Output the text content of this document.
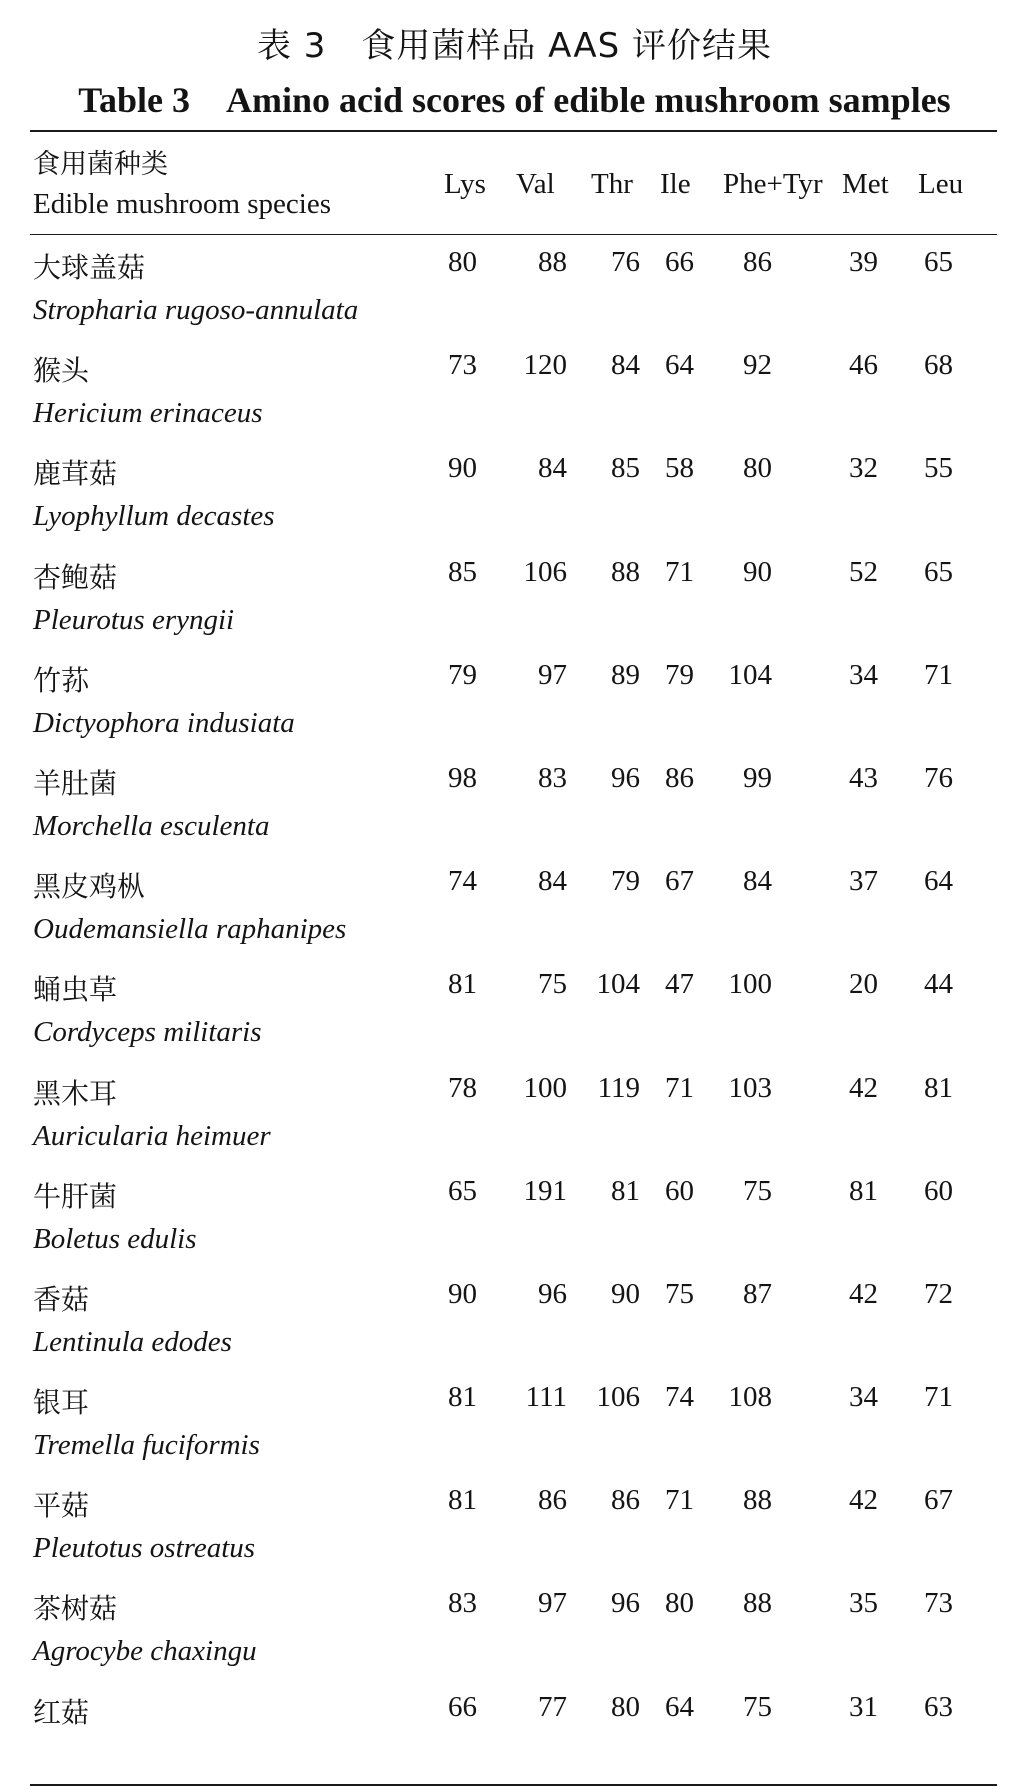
表 3　食用菌样品 AAS 评价结果
Table 3　Amino acid scores of edible mushroom samples
食用菌种类
Edible mushroom species
Lys Val Thr Ile Phe+Tyr Met Leu
大球盖菇
Stropharia rugoso-annulata
80	88	76 66	86	39	65
猴头
Hericium erinaceus
73	120	84 64	92	46	68
鹿茸菇
Lyophyllum decastes
90	84	85 58	80	32	55
杏鲍菇
Pleurotus eryngii
85	106	88 71	90	52	65
竹荪
Dictyophora indusiata
79	97	89 79	104	34	71
羊肚菌
Morchella esculenta
98	83	96 86	99	43	76
黑皮鸡枞
Oudemansiella raphanipes
74	84	79 67	84	37	64
蛹虫草
Cordyceps militaris
81	75	104 47	100	20	44
黑木耳
Auricularia heimuer
78	100	119 71	103	42	81
牛肝菌
Boletus edulis
65	191	81 60	75	81	60
香菇
Lentinula edodes
90	96	90 75	87	42	72
银耳
Tremella fuciformis
81	111	106 74	108	34	71
平菇
Pleutotus ostreatus
81	86	86 71	88	42	67
茶树菇
Agrocybe chaxingu
83	97	96 80	88	35	73
红菇	66	77	80 64	75	31	63
